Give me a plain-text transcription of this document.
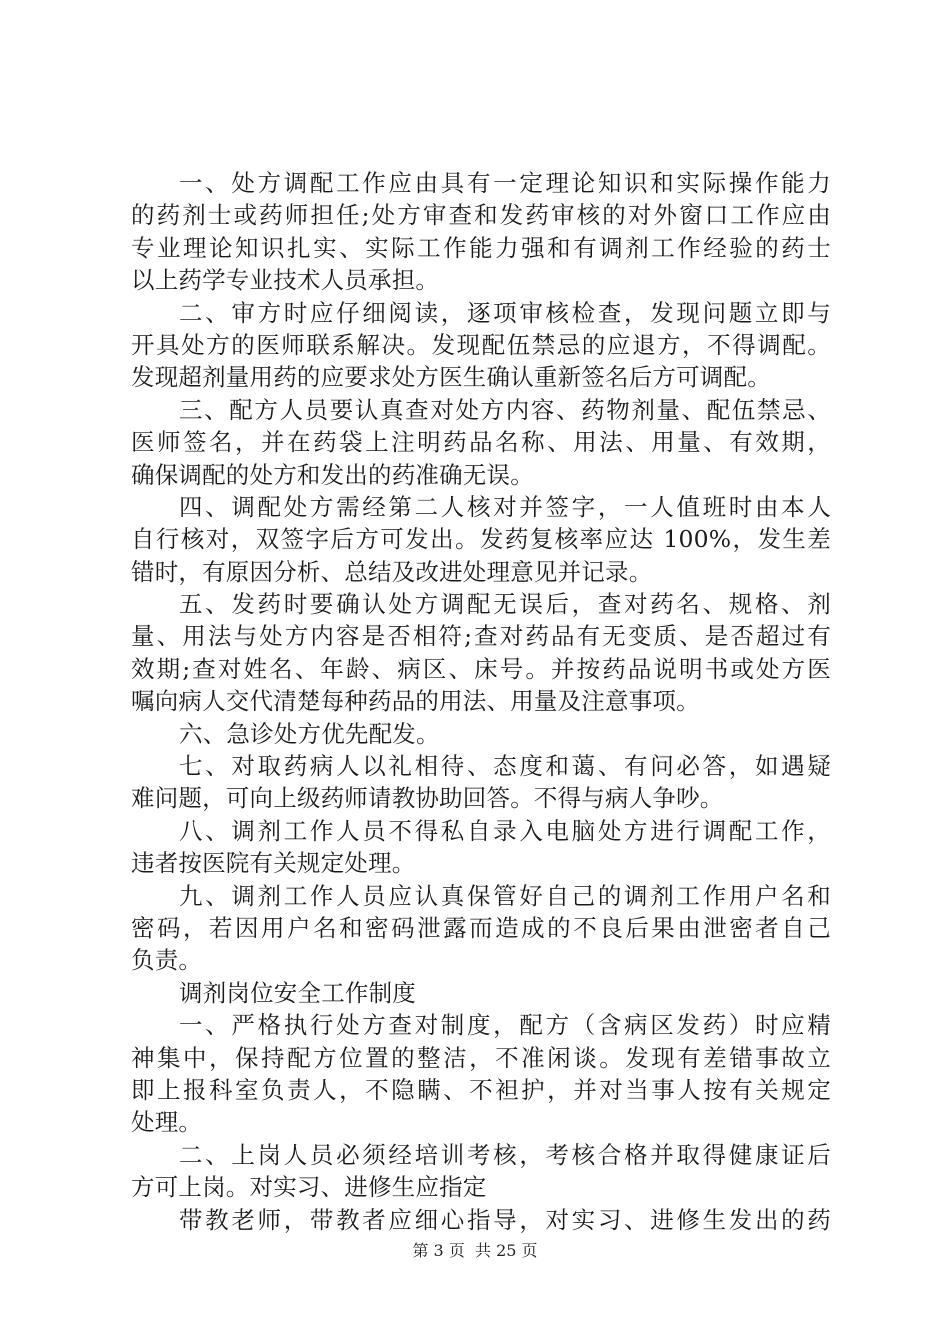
一、处方调配工作应由具有一定理论知识和实际操作能力
的药剂士或药师担任;处方审查和发药审核的对外窗口工作应由
专业理论知识扎实、实际工作能力强和有调剂工作经验的药士
以上药学专业技术人员承担。
二、审方时应仔细阅读，逐项审核检查，发现问题立即与
开具处方的医师联系解决。发现配伍禁忌的应退方，不得调配。
发现超剂量用药的应要求处方医生确认重新签名后方可调配。
三、配方人员要认真查对处方内容、药物剂量、配伍禁忌、
医师签名，并在药袋上注明药品名称、用法、用量、有效期，
确保调配的处方和发出的药准确无误。
四、调配处方需经第二人核对并签字，一人值班时由本人
自行核对，双签字后方可发出。发药复核率应达 100%，发生差
错时，有原因分析、总结及改进处理意见并记录。
五、发药时要确认处方调配无误后，查对药名、规格、剂
量、用法与处方内容是否相符;查对药品有无变质、是否超过有
效期;查对姓名、年龄、病区、床号。并按药品说明书或处方医
嘱向病人交代清楚每种药品的用法、用量及注意事项。
六、急诊处方优先配发。
七、对取药病人以礼相待、态度和蔼、有问必答，如遇疑
难问题，可向上级药师请教协助回答。不得与病人争吵。
八、调剂工作人员不得私自录入电脑处方进行调配工作，
违者按医院有关规定处理。
九、调剂工作人员应认真保管好自己的调剂工作用户名和
密码，若因用户名和密码泄露而造成的不良后果由泄密者自己
负责。
调剂岗位安全工作制度
一、严格执行处方查对制度，配方（含病区发药）时应精
神集中，保持配方位置的整洁，不准闲谈。发现有差错事故立
即上报科室负责人，不隐瞒、不袒护，并对当事人按有关规定
处理。
二、上岗人员必须经培训考核，考核合格并取得健康证后
方可上岗。对实习、进修生应指定
带教老师，带教者应细心指导，对实习、进修生发出的药
第 3 页  共 25 页
